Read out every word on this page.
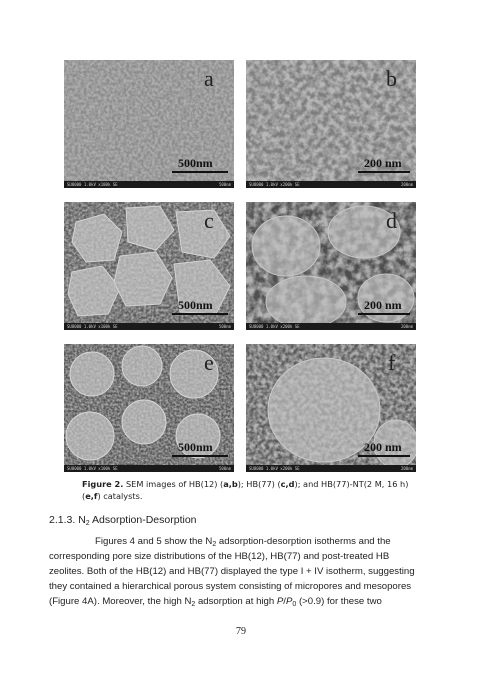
a
500nm
SU8000 1.0kV x100k SE	500nm
b
200 nm
SU8000 1.0kV x200k SE	200nm
c
500nm
SU8000 1.0kV x100k SE	500nm
d
200 nm
SU8000 1.0kV x200k SE	200nm
e
500nm
SU8000 1.0kV x100k SE	500nm
f
200 nm
SU8000 1.0kV x200k SE	200nm
Figure 2. SEM images of HB(12) (a,b); HB(77) (c,d); and HB(77)-NT(2 M, 16 h)
(e,f) catalysts.
2.1.3. $N_2$ Adsorption-Desorption
Figures 4 and 5 show the $N_2$ adsorption-desorption isotherms and the
corresponding pore size distributions of the HB(12), HB(77) and post-treated HB
zeolites. Both of the HB(12) and HB(77) displayed the type I + IV isotherm, suggesting
they contained a hierarchical porous system consisting of micropores and mesopores
(Figure 4A). Moreover, the high $N_2$ adsorption at high $P/P_0$ (>0.9) for these two
79
